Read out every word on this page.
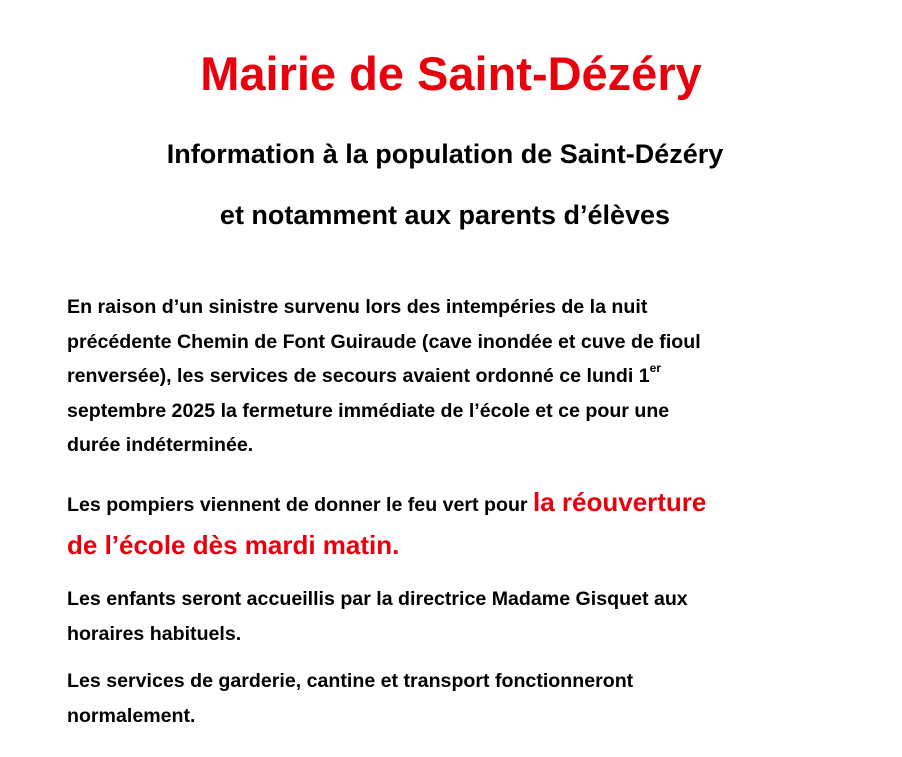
Mairie de Saint-Dézéry
Information à la population de Saint-Dézéry
et notamment aux parents d’élèves
En raison d’un sinistre survenu lors des intempéries de la nuit
précédente Chemin de Font Guiraude (cave inondée et cuve de fioul
renversée), les services de secours avaient ordonné ce lundi 1er
septembre 2025 la fermeture immédiate de l’école et ce pour une
durée indéterminée.
Les pompiers viennent de donner le feu vert pour la réouverture
de l’école dès mardi matin.
Les enfants seront accueillis par la directrice Madame Gisquet aux
horaires habituels.
Les services de garderie, cantine et transport fonctionneront
normalement.
